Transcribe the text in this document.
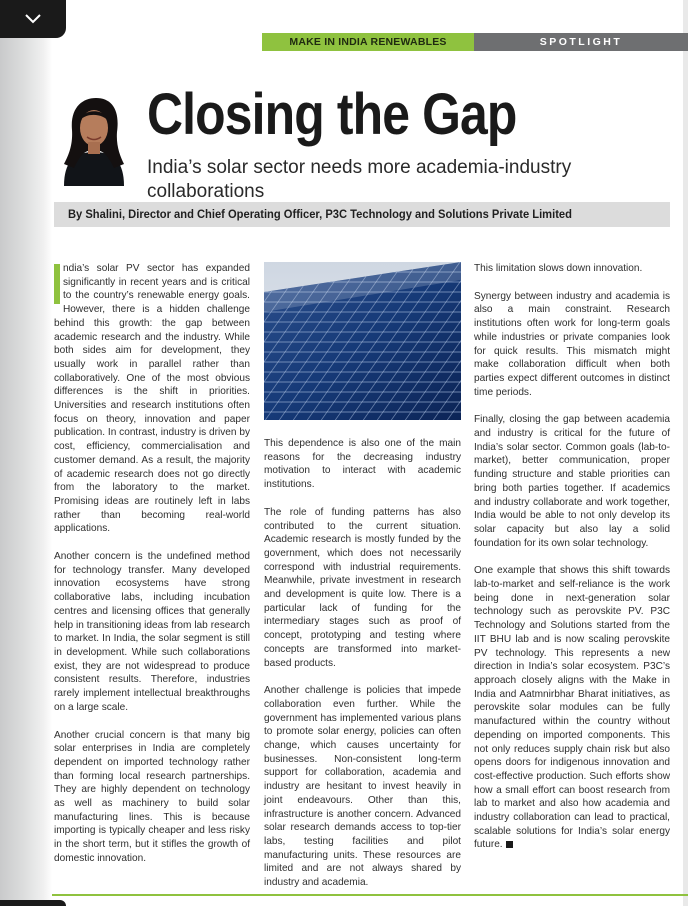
MAKE IN INDIA RENEWABLES	SPOTLIGHT
Closing the Gap
India’s solar sector needs more academia-industry collaborations
By Shalini, Director and Chief Operating Officer, P3C Technology and Solutions Private Limited

ndia’s solar PV sector has expanded significantly in recent years and is critical to the country’s renewable energy goals. However, there is a hidden challenge behind this growth: the gap between academic research and the industry. While both sides aim for development, they usually work in parallel rather than collaboratively. One of the most obvious differences is the shift in priorities. Universities and research institutions often focus on theory, innovation and paper publication. In contrast, industry is driven by cost, efficiency, commercialisation and customer demand. As a result, the majority of academic research does not go directly from the laboratory to the market. Promising ideas are routinely left in labs rather than becoming real-world applications.

Another concern is the undefined method for technology transfer. Many developed innovation ecosystems have strong collaborative labs, including incubation centres and licensing offices that generally help in transitioning ideas from lab research to market. In India, the solar segment is still in development. While such collaborations exist, they are not widespread to produce consistent results. Therefore, industries rarely implement intellectual breakthroughs on a large scale.

Another crucial concern is that many big solar enterprises in India are completely dependent on imported technology rather than forming local research partnerships. They are highly dependent on technology as well as machinery to build solar manufacturing lines. This is because importing is typically cheaper and less risky in the short term, but it stifles the growth of domestic innovation.

This dependence is also one of the main reasons for the decreasing industry motivation to interact with academic institutions.

The role of funding patterns has also contributed to the current situation. Academic research is mostly funded by the government, which does not necessarily correspond with industrial requirements. Meanwhile, private investment in research and development is quite low. There is a particular lack of funding for the intermediary stages such as proof of concept, prototyping and testing where concepts are transformed into market-based products.

Another challenge is policies that impede collaboration even further. While the government has implemented various plans to promote solar energy, policies can often change, which causes uncertainty for businesses. Non-consistent long-term support for collaboration, academia and industry are hesitant to invest heavily in joint endeavours. Other than this, infrastructure is another concern. Advanced solar research demands access to top-tier labs, testing facilities and pilot manufacturing units. These resources are limited and are not always shared by industry and academia.

This limitation slows down innovation.

Synergy between industry and academia is also a main constraint. Research institutions often work for long-term goals while industries or private companies look for quick results. This mismatch might make collaboration difficult when both parties expect different outcomes in distinct time periods.

Finally, closing the gap between academia and industry is critical for the future of India’s solar sector. Common goals (lab-to-market), better communication, proper funding structure and stable priorities can bring both parties together. If academics and industry collaborate and work together, India would be able to not only develop its solar capacity but also lay a solid foundation for its own solar technology.

One example that shows this shift towards lab-to-market and self-reliance is the work being done in next-generation solar technology such as perovskite PV. P3C Technology and Solutions started from the IIT BHU lab and is now scaling perovskite PV technology. This represents a new direction in India’s solar ecosystem. P3C’s approach closely aligns with the Make in India and Aatmnirbhar Bharat initiatives, as perovskite solar modules can be fully manufactured within the country without depending on imported components. This not only reduces supply chain risk but also opens doors for indigenous innovation and cost-effective production. Such efforts show how a small effort can boost research from lab to market and also how academia and industry collaboration can lead to practical, scalable solutions for India’s solar energy future.
